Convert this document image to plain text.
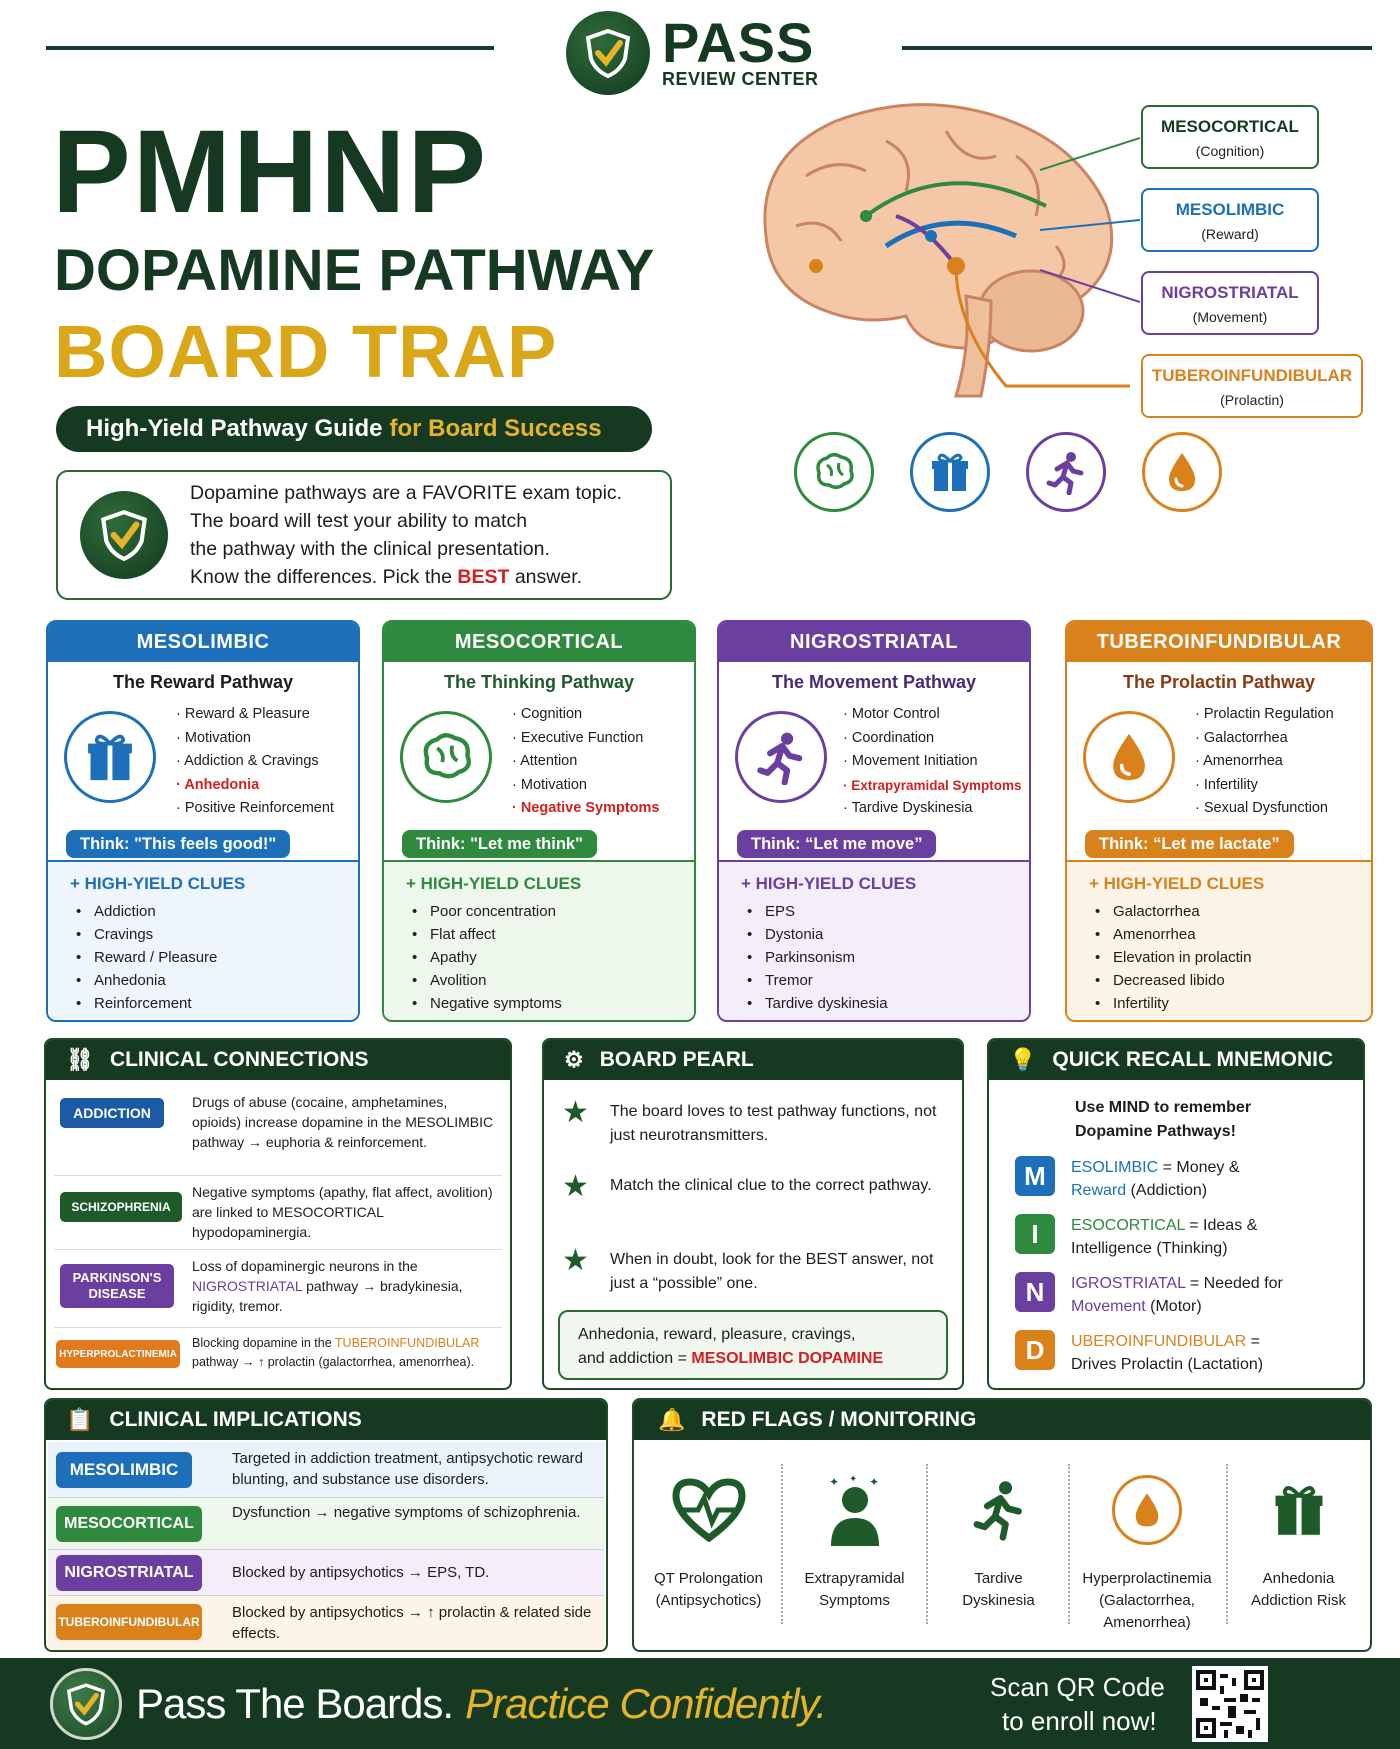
PASS
REVIEW CENTER
PMHNP
DOPAMINE PATHWAY
BOARD TRAP
High-Yield Pathway Guide for Board Success
Dopamine pathways are a FAVORITE exam topic.
The board will test your ability to match
the pathway with the clinical presentation.
Know the differences. Pick the BEST answer.
MESOCORTICAL
(Cognition)
MESOLIMBIC
(Reward)
NIGROSTRIATAL
(Movement)
TUBEROINFUNDIBULAR
(Prolactin)
MESOLIMBIC
The Reward Pathway
· Reward & Pleasure
· Motivation
· Addiction & Cravings
· Anhedonia
· Positive Reinforcement
+ HIGH-YIELD CLUES
• Addiction
• Cravings
• Reward / Pleasure
• Anhedonia
• Reinforcement
Think: "This feels good!"
MESOCORTICAL
The Thinking Pathway
· Cognition
· Executive Function
· Attention
· Motivation
· Negative Symptoms
+ HIGH-YIELD CLUES
• Poor concentration
• Flat affect
• Apathy
• Avolition
• Negative symptoms
Think: "Let me think"
NIGROSTRIATAL
The Movement Pathway
· Motor Control
· Coordination
· Movement Initiation
· Extrapyramidal Symptoms
· Tardive Dyskinesia
+ HIGH-YIELD CLUES
• EPS
• Dystonia
• Parkinsonism
• Tremor
• Tardive dyskinesia
Think: “Let me move”
TUBEROINFUNDIBULAR
The Prolactin Pathway
· Prolactin Regulation
· Galactorrhea
· Amenorrhea
· Infertility
· Sexual Dysfunction
+ HIGH-YIELD CLUES
• Galactorrhea
• Amenorrhea
• Elevation in prolactin
• Decreased libido
• Infertility
Think: “Let me lactate”
⛓ CLINICAL CONNECTIONS
ADDICTION
Drugs of abuse (cocaine, amphetamines, opioids) increase dopamine in the MESOLIMBIC pathway → euphoria & reinforcement.
SCHIZOPHRENIA
Negative symptoms (apathy, flat affect, avolition) are linked to MESOCORTICAL hypodopaminergia.
PARKINSON'S DISEASE
Loss of dopaminergic neurons in the NIGROSTRIATAL pathway → bradykinesia, rigidity, tremor.
HYPERPROLACTINEMIA
Blocking dopamine in the TUBEROINFUNDIBULAR pathway → ↑ prolactin (galactorrhea, amenorrhea).
⚙ BOARD PEARL
★	The board loves to test pathway functions, not just neurotransmitters.
★	Match the clinical clue to the correct pathway.
★	When in doubt, look for the BEST answer, not just a “possible” one.
Anhedonia, reward, pleasure, cravings,
and addiction = MESOLIMBIC DOPAMINE
💡 QUICK RECALL MNEMONIC
Use MIND to remember
Dopamine Pathways!
M	ESOLIMBIC = Money &
Reward (Addiction)
I	ESOCORTICAL = Ideas &
Intelligence (Thinking)
N	IGROSTRIATAL = Needed for
Movement (Motor)
D	UBEROINFUNDIBULAR =
Drives Prolactin (Lactation)
📋 CLINICAL IMPLICATIONS
MESOLIMBIC
Targeted in addiction treatment, antipsychotic reward blunting, and substance use disorders.
MESOCORTICAL
Dysfunction → negative symptoms of schizophrenia.
NIGROSTRIATAL	Blocked by antipsychotics → EPS, TD.
TUBEROINFUNDIBULAR
Blocked by antipsychotics → ↑ prolactin & related side effects.
🔔 RED FLAGS / MONITORING
QT Prolongation
(Antipsychotics)
✦ ✦ ✦
Extrapyramidal
Symptoms
Tardive
Dyskinesia
Hyperprolactinemia
(Galactorrhea,
Amenorrhea)
Anhedonia
Addiction Risk
Pass The Boards. Practice Confidently.	Scan QR Code
to enroll now!
